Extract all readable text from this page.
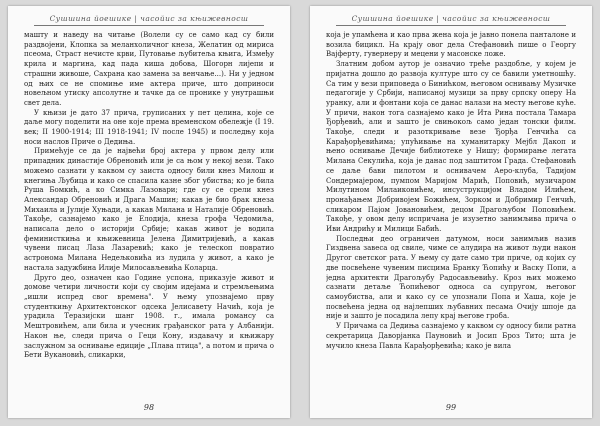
Сушшина йоешике | часойис за књижевносш

машту и наведу на читање (Волели су се само кад су били раздвојени, Клопка за меланхоличног кнеза, Желатин од мириса псеома, Страст нечисте крви, Путовање љубитеља књига, Између крила и маргина, кад пада киша добова, Шогорн лијепи и страшни живоше, Сахрана као замена за венчање...). Ни у једном од њих се не спомиње име актера приче, што доприноси новељном утиску апсолутне и тачке да се пронике у унутрашњи свет дела.

У књизи је дато 37 прича, груписаних у пет целина, које се даље могу поделити на оне које према временском обележје (I 19. век; II 1900-1914; III 1918-1941; IV после 1945) и последњу која носи наслов Приче о Дедиња.

Примећује се да је највећи број актера у првом делу или припадник династије Обреновић или је са њом у некој вези. Тако можемо сазнати у каквом су заиста односу били кнез Милош и кнегиња Љубица и како се спасила казне због убиства; ко је била Руша Бомкић, а ко Симка Лазовари; где су се срели кнез Александар Обреновић и Драга Машин; какав је био брак кнеза Михаила и Јулије Хуњади, а какав Милана и Наталије Обреновић. Такође, сазнајемо како је Елодија, кнеза грофа Чедомиља, написала дело о историји Србије; какав живот је водила феминисткиња и књижевница Јелена Димитријевић, а какав чувени писац Лаза Лазаревић; како је телескоп повратио астронома Милана Недељковића из лудила у живот, а како је настала задужбина Илије Милосављевића Коларца.

Друго део, означен као Године успона, приказује живот и домове четири личности који су својим идејама и стремљењима „ишли испред свог времена". У њему упознајемо прву студенткињу Архитектонског одсека Јелисавету Начић, која је урадила Теразијски шанг 1908. г., имала романсу са Мештровићем, али била и учесник грађанског рата у Албанији. Након ње, следи прича о Геци Кону, издавачу и књижару заслужном за оснивање едиције „Плава птица", а потом и прича о Бети Вукановић, сликарки,

98
Сушшина йоешике | часойис за књижевносш

која је упамћена и као прва жена која је јавно понела панталоне и возила бицикл. На крају овог дела Стефановић пише о Георгу Вајферту, гувернеру и мецени у масонске ложе.

Златним добом аутор је означио треће раздобље, у којем је пријатна дошло до развоја културе што су се бавили уметношћу. Са тим у вези приповеда о Бинићком, његовом оснивању Музичке педагогије у Србији, написаној музици за прву српску оперу На уранку, али и фонтани која се данас налази на месту његове куће. У причи, након тога сазнајемо како је Ита Рина постала Тамара Ђорђевић, али и зашто је свињокољ само један тонски филм. Такође, следи и разоткривање везе Ђорђа Генчића са Карађорђевићима; упућивање на хуманитарку Мејбл Дакоп и њено оснивање Дечије библиотеке у Нишу; формирање легата Милана Секулића, која је данас под заштитом Града. Стефановић се даље бави пилотом и оснивачем Аеро-клуба, Тадијом Сондермајером, пумпом Маријом Марић, Поповић, музичаром Милутином Милаиковићем, инсуструкцијом Владом Илићем, пронађањем Добривојем Божићем, Зорком и Добримир Генчић, сликаром Пајом Јовановићем, децом Драгољубом Поповићем. Такође, у овом делу испричана је изузетно занимљива прича о Иви Андрићу и Милици Бабић.

Последњи део ограничен датумом, носи занимљив назив Гиздвена завеса од свиле, чиме се алудира на живот људи након Другог светског рата. У њему су дате само три приче, од којих су две посвећене чувеним писцима Бранку Ћопићу и Васку Попи, а једна архитекти Драгољубу Радосављевићу. Кроз њих можемо сазнати детаље Ћопићевог односа са супругом, његовог самоубиства, али и како су се упознали Попа и Хаша, које је посвећена једна од најлепших љубавних песама Очију шпоје да није и зашто је посадила лепу краj његове гроба.

У Причама са Дедиња сазнајемо у каквом су односу били ратна секретарица Даворјанка Пауновић и Јосип Броз Тито; шта је мучило кнеза Павла Карађорђевића; како је вила

99
